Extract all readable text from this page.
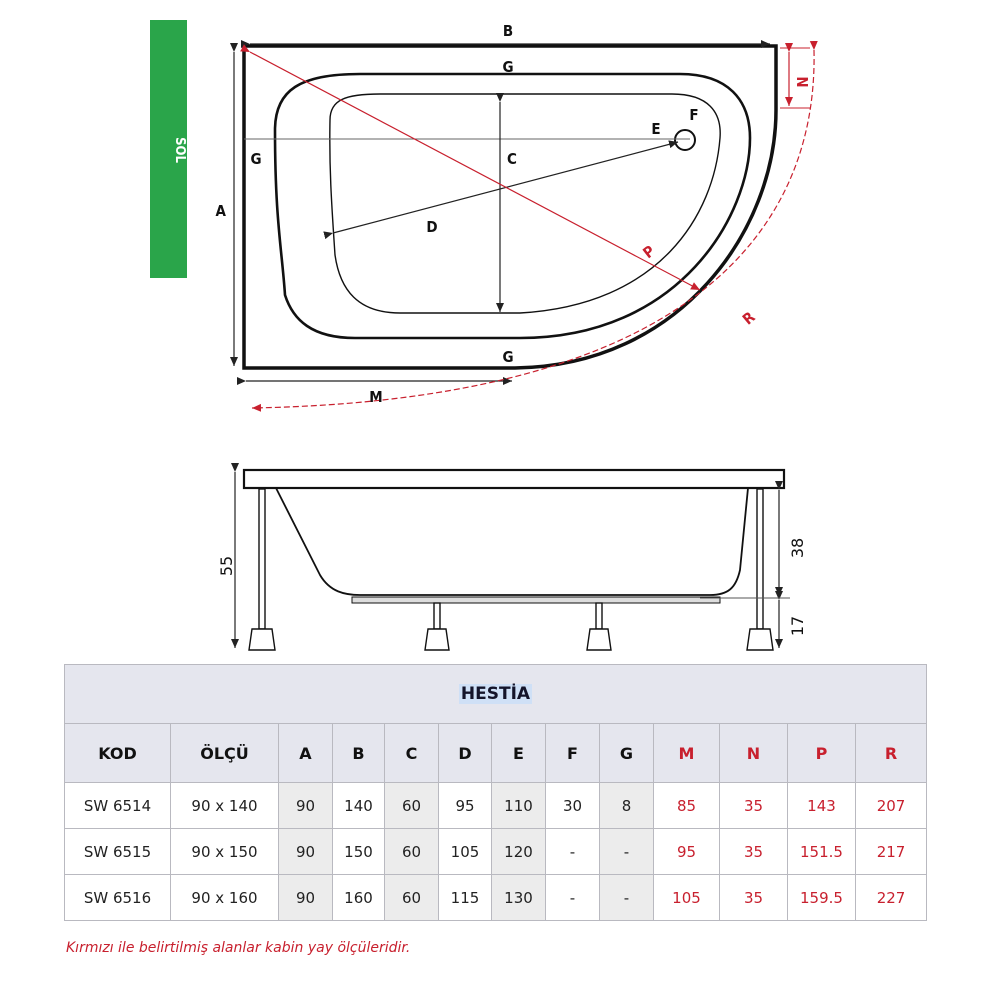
SOL
B
A
G
G
G
C
D
E
F
M
N
P
R
55
38
17
HESTİA												
KOD	ÖLÇÜ	A	B	C	D	E	F	G	M	N	P	R
SW 6514	90 x 140	90	140	60	95	110	30	8	85	35	143	207
SW 6515	90 x 150	90	150	60	105	120	-	-	95	35	151.5	217
SW 6516	90 x 160	90	160	60	115	130	-	-	105	35	159.5	227
Kırmızı ile belirtilmiş alanlar kabin yay ölçüleridir.
